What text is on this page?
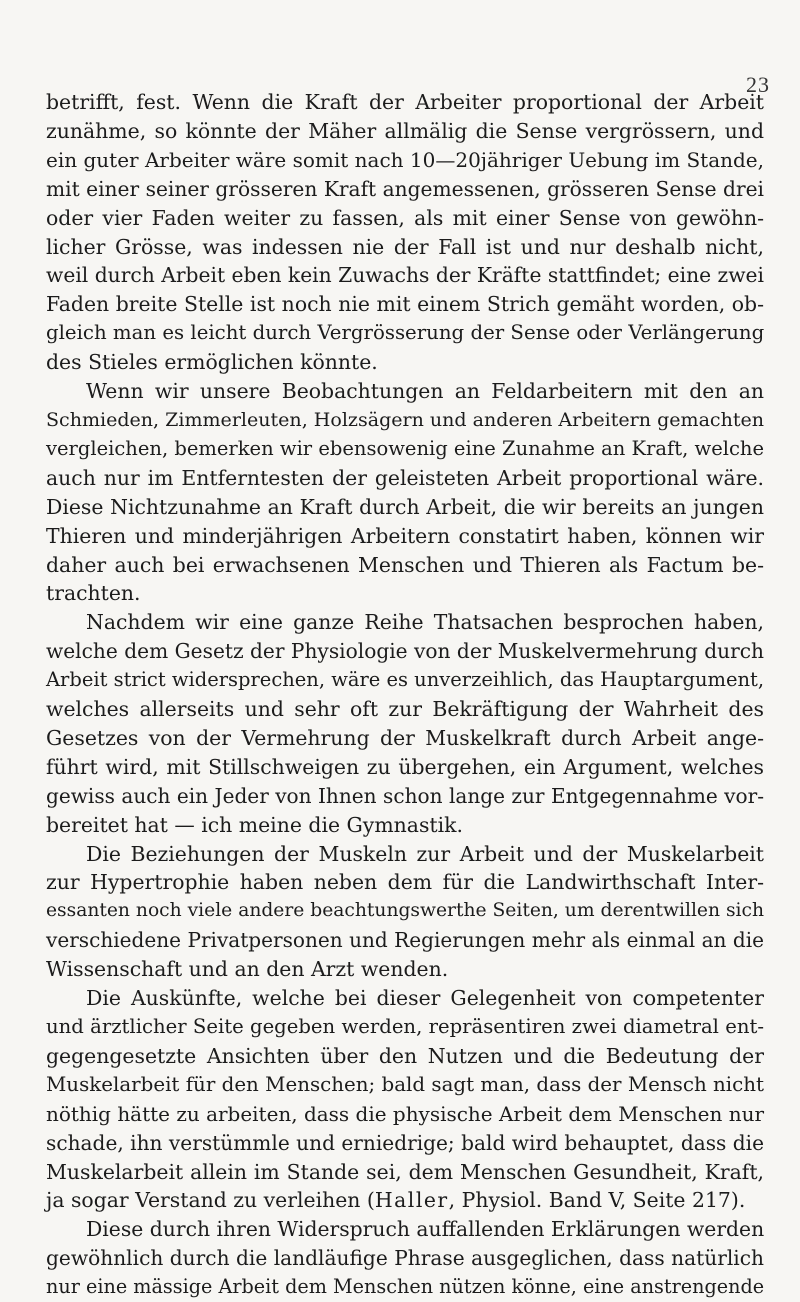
23

betrifft, fest. Wenn die Kraft der Arbeiter proportional der Arbeit
zunähme, so könnte der Mäher allmälig die Sense vergrössern, und
ein guter Arbeiter wäre somit nach 10—20jähriger Uebung im Stande,
mit einer seiner grösseren Kraft angemessenen, grösseren Sense drei
oder vier Faden weiter zu fassen, als mit einer Sense von gewöhn-
licher Grösse, was indessen nie der Fall ist und nur deshalb nicht,
weil durch Arbeit eben kein Zuwachs der Kräfte stattfindet; eine zwei
Faden breite Stelle ist noch nie mit einem Strich gemäht worden, ob-
gleich man es leicht durch Vergrösserung der Sense oder Verlängerung
des Stieles ermöglichen könnte.

Wenn wir unsere Beobachtungen an Feldarbeitern mit den an
Schmieden, Zimmerleuten, Holzsägern und anderen Arbeitern gemachten
vergleichen, bemerken wir ebensowenig eine Zunahme an Kraft, welche
auch nur im Entferntesten der geleisteten Arbeit proportional wäre.
Diese Nichtzunahme an Kraft durch Arbeit, die wir bereits an jungen
Thieren und minderjährigen Arbeitern constatirt haben, können wir
daher auch bei erwachsenen Menschen und Thieren als Factum be-
trachten.

Nachdem wir eine ganze Reihe Thatsachen besprochen haben,
welche dem Gesetz der Physiologie von der Muskelvermehrung durch
Arbeit strict widersprechen, wäre es unverzeihlich, das Hauptargument,
welches allerseits und sehr oft zur Bekräftigung der Wahrheit des
Gesetzes von der Vermehrung der Muskelkraft durch Arbeit ange-
führt wird, mit Stillschweigen zu übergehen, ein Argument, welches
gewiss auch ein Jeder von Ihnen schon lange zur Entgegennahme vor-
bereitet hat — ich meine die Gymnastik.

Die Beziehungen der Muskeln zur Arbeit und der Muskelarbeit
zur Hypertrophie haben neben dem für die Landwirthschaft Inter-
essanten noch viele andere beachtungswerthe Seiten, um derentwillen sich
verschiedene Privatpersonen und Regierungen mehr als einmal an die
Wissenschaft und an den Arzt wenden.

Die Auskünfte, welche bei dieser Gelegenheit von competenter
und ärztlicher Seite gegeben werden, repräsentiren zwei diametral ent-
gegengesetzte Ansichten über den Nutzen und die Bedeutung der
Muskelarbeit für den Menschen; bald sagt man, dass der Mensch nicht
nöthig hätte zu arbeiten, dass die physische Arbeit dem Menschen nur
schade, ihn verstümmle und erniedrige; bald wird behauptet, dass die
Muskelarbeit allein im Stande sei, dem Menschen Gesundheit, Kraft,
ja sogar Verstand zu verleihen (Haller, Physiol. Band V, Seite 217).

Diese durch ihren Widerspruch auffallenden Erklärungen werden
gewöhnlich durch die landläufige Phrase ausgeglichen, dass natürlich
nur eine mässige Arbeit dem Menschen nützen könne, eine anstrengende
